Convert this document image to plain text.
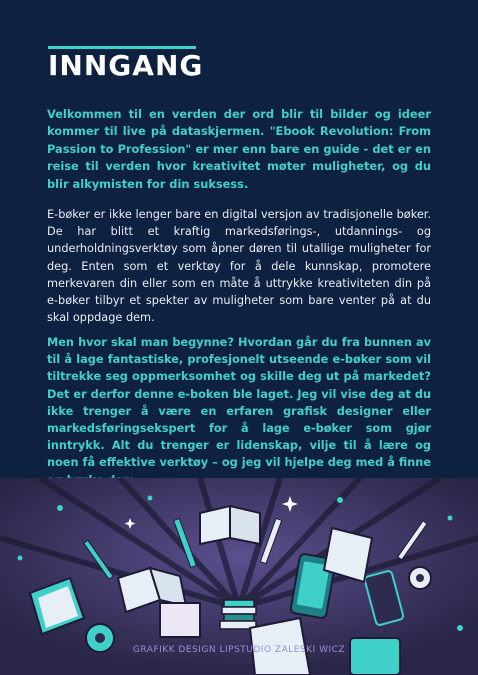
INNGANG

Velkommen til en verden der ord blir til bilder og ideer kommer til live på dataskjermen. "Ebook Revolution: From Passion to Profession" er mer enn bare en guide - det er en reise til verden hvor kreativitet møter muligheter, og du blir alkymisten for din suksess.

E-bøker er ikke lenger bare en digital versjon av tradisjonelle bøker. De har blitt et kraftig markedsførings-, utdannings- og underholdningsverktøy som åpner døren til utallige muligheter for deg. Enten som et verktøy for å dele kunnskap, promotere merkevaren din eller som en måte å uttrykke kreativiteten din på e-bøker tilbyr et spekter av muligheter som bare venter på at du skal oppdage dem.

Men hvor skal man begynne? Hvordan går du fra bunnen av til å lage fantastiske, profesjonelt utseende e-bøker som vil tiltrekke seg oppmerksomhet og skille deg ut på markedet? Det er derfor denne e-boken ble laget. Jeg vil vise deg at du ikke trenger å være en erfaren grafisk designer eller markedsføringsekspert for å lage e-bøker som gjør inntrykk. Alt du trenger er lidenskap, vilje til å lære og noen få effektive verktøy – og jeg vil hjelpe deg med å finne

GRAFIKK DESIGN LIPSTUDIO ZALESKI WICZ
